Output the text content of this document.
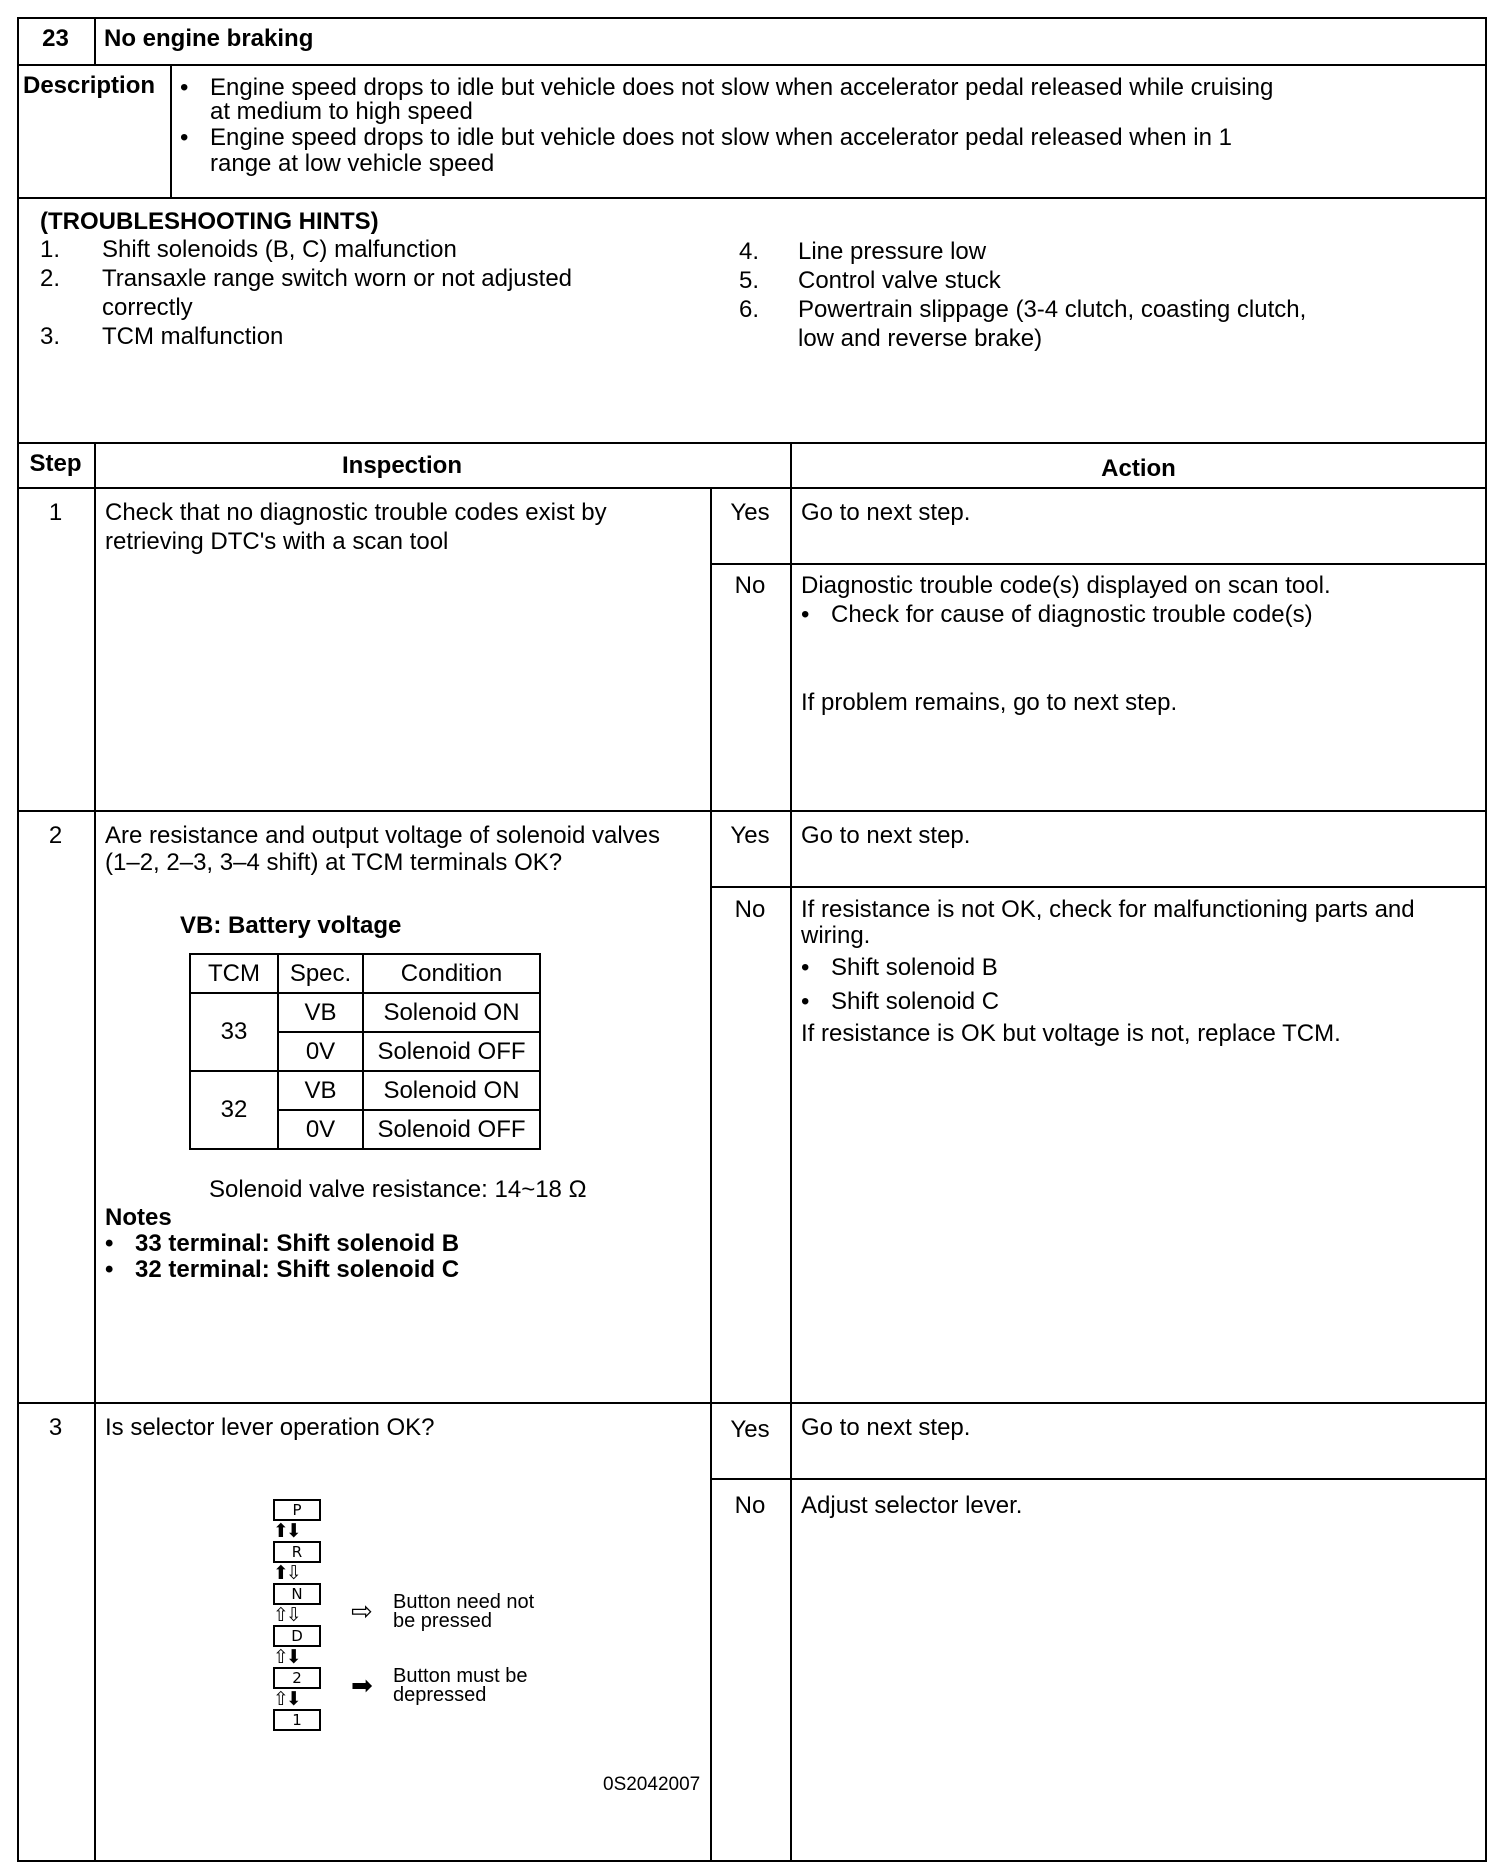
23	No engine braking
Description • Engine speed drops to idle but vehicle does not slow when accelerator pedal released while cruising
at medium to high speed
• Engine speed drops to idle but vehicle does not slow when accelerator pedal released when in 1
range at low vehicle speed
(TROUBLESHOOTING HINTS)
1. Shift solenoids (B, C) malfunction
2. Transaxle range switch worn or not adjusted
correctly
3. TCM malfunction
4. Line pressure low
5. Control valve stuck
6. Powertrain slippage (3-4 clutch, coasting clutch,
low and reverse brake)
Step	Inspection	Action
1	Check that no diagnostic trouble codes exist by
retrieving DTC's with a scan tool
Yes	Go to next step.
No	Diagnostic trouble code(s) displayed on scan tool.
• Check for cause of diagnostic trouble code(s)
If problem remains, go to next step.
2	Are resistance and output voltage of solenoid valves
(1–2, 2–3, 3–4 shift) at TCM terminals OK?
VB: Battery voltage
TCM	Spec.	Condition
33	VB	Solenoid ON
	0V	Solenoid OFF
32	VB	Solenoid ON
	0V	Solenoid OFF
Solenoid valve resistance: 14~18 Ω
Notes
• 33 terminal: Shift solenoid B
• 32 terminal: Shift solenoid C
Yes	Go to next step.
No	If resistance is not OK, check for malfunctioning parts and
wiring.
• Shift solenoid B
• Shift solenoid C
If resistance is OK but voltage is not, replace TCM.
3	Is selector lever operation OK?	Yes	Go to next step.
No	Adjust selector lever.
P
⬆⬇
R
⬆⇩
N
⇧⇩
D
⇧⬇
2
⇧⬇
1
⇨ Button need not
be pressed
➡ Button must be
depressed
0S2042007
